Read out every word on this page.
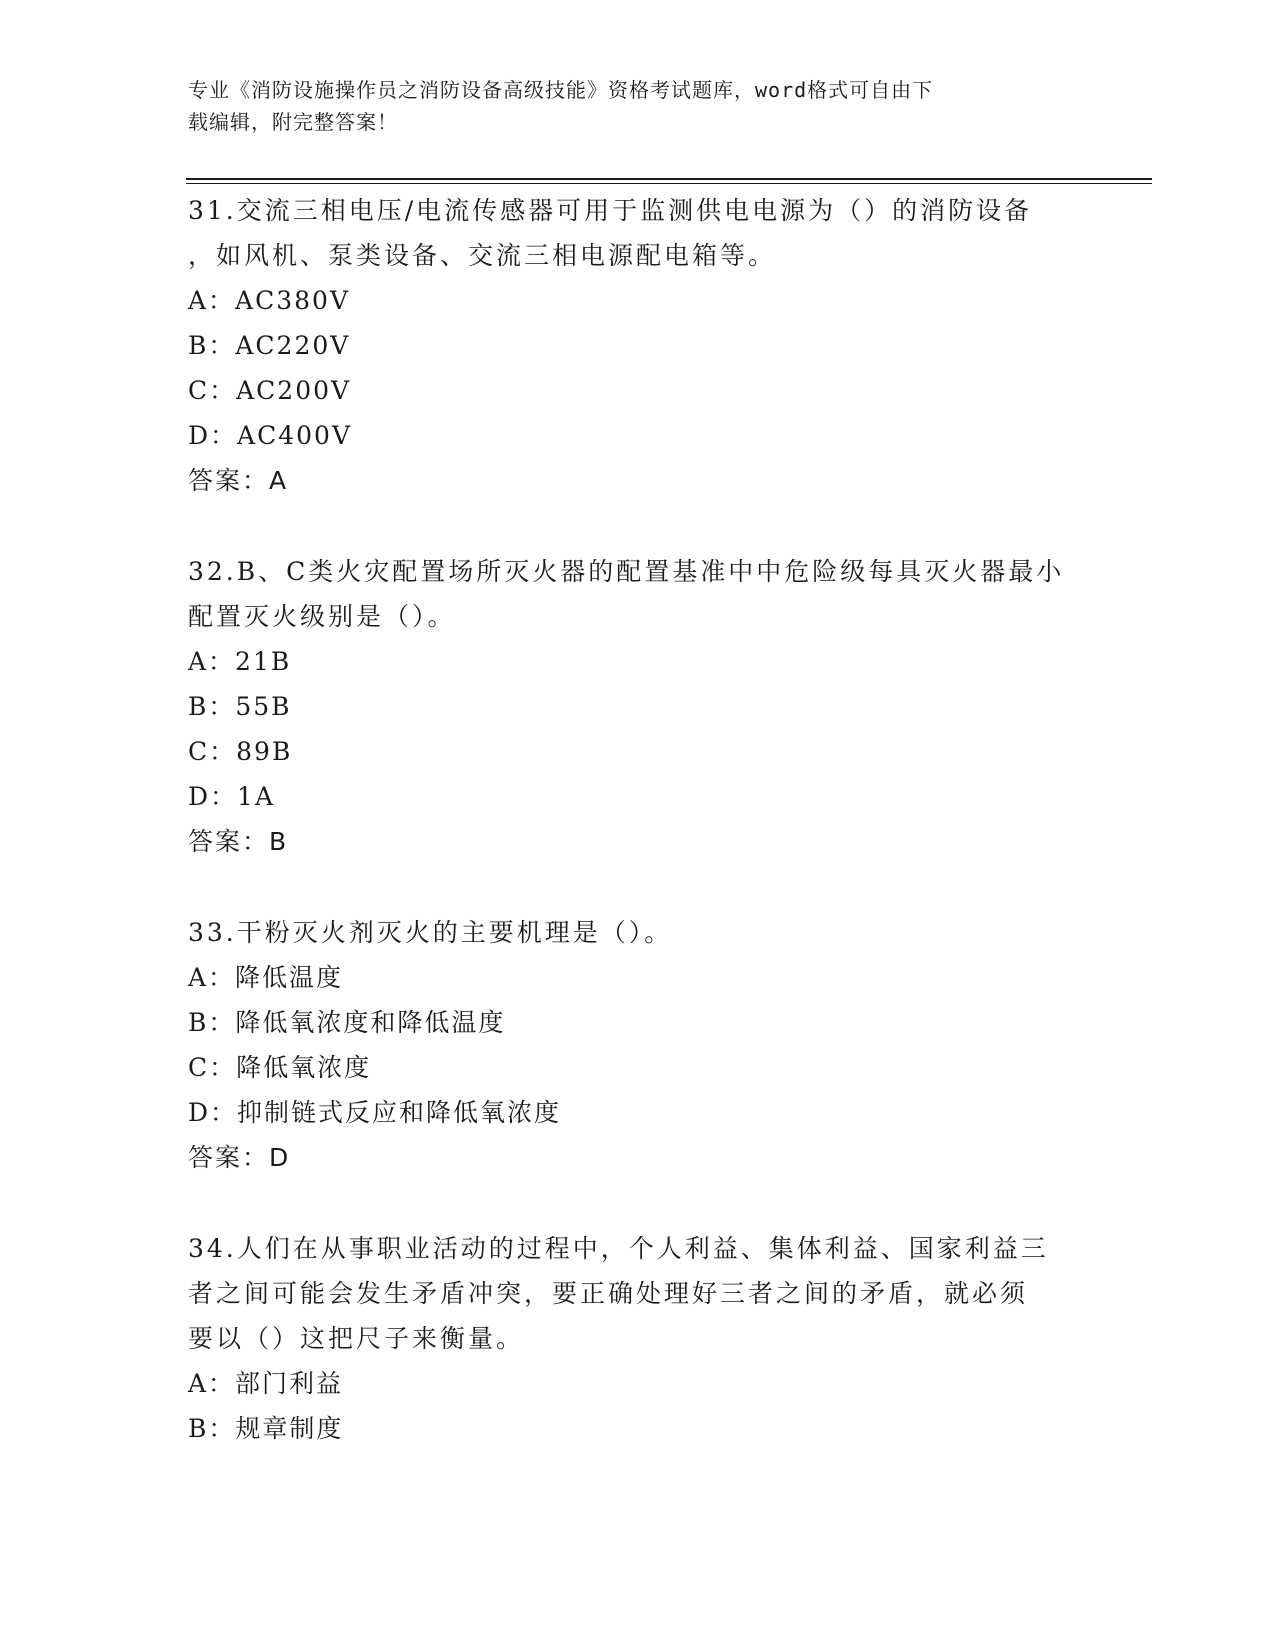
专业《消防设施操作员之消防设备高级技能》资格考试题库，word格式可自由下
载编辑，附完整答案！

31.交流三相电压/电流传感器可用于监测供电电源为（）的消防设备

，如风机、泵类设备、交流三相电源配电箱等。

A：AC380V

B：AC220V

C：AC200V

D：AC400V

答案：A

32.B、C类火灾配置场所灭火器的配置基准中中危险级每具灭火器最小

配置灭火级别是（）。

A：21B

B：55B

C：89B

D：1A

答案：B

33.干粉灭火剂灭火的主要机理是（）。

A：降低温度

B：降低氧浓度和降低温度

C：降低氧浓度

D：抑制链式反应和降低氧浓度

答案：D

34.人们在从事职业活动的过程中，个人利益、集体利益、国家利益三

者之间可能会发生矛盾冲突，要正确处理好三者之间的矛盾，就必须

要以（）这把尺子来衡量。

A：部门利益

B：规章制度
